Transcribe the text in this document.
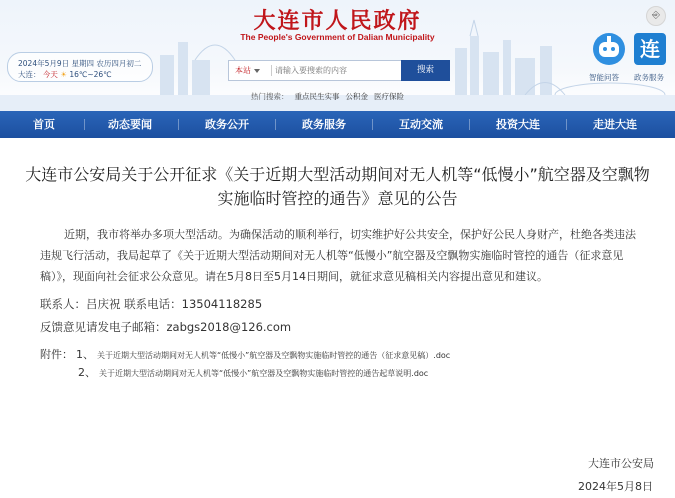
大连市人民政府
The People's Government of Dalian Municipality
2024年5月9日 星期四 农历四月初二
大连： 今天 ☀ 16℃~26℃	本站
请输入要搜索的内容	搜索
热门搜索： 重点民生实事 公积金 医疗保险
智能问答
连
政务服务
⎆
首页	动态要闻	政务公开	政务服务	互动交流	投资大连	走进大连
大连市公安局关于公开征求《关于近期大型活动期间对无人机等“低慢小”航空器及空飘物
实施临时管控的通告》意见的公告
近期，我市将举办多项大型活动。为确保活动的顺利举行，切实维护好公共安全，保护好公民人身财产，杜绝各类违法违规飞行活动，我局起草了《关于近期大型活动期间对无人机等“低慢小”航空器及空飘物实施临时管控的通告（征求意见稿）》，现面向社会征求公众意见。请在5月8日至5月14日期间，就征求意见稿相关内容提出意见和建议。
联系人：吕庆祝 联系电话：13504118285
反馈意见请发电子邮箱：zabgs2018@126.com
附件： 1、 关于近期大型活动期间对无人机等“低慢小”航空器及空飘物实施临时管控的通告（征求意见稿）.doc
2、 关于近期大型活动期间对无人机等“低慢小”航空器及空飘物实施临时管控的通告起草说明.doc
大连市公安局
2024年5月8日
